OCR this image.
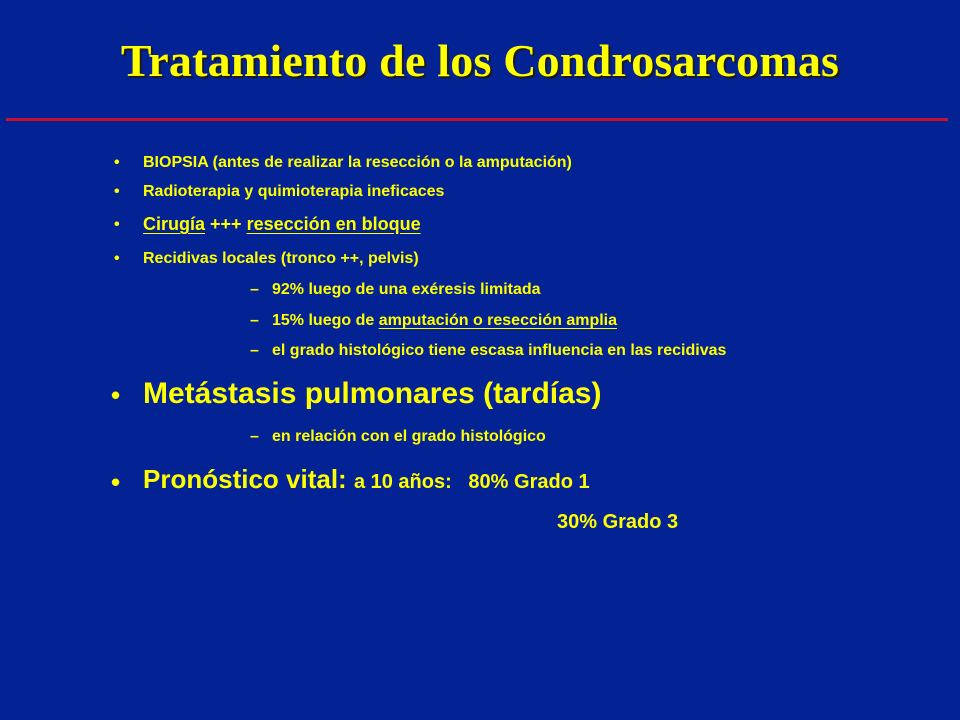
Tratamiento de los Condrosarcomas
• BIOPSIA (antes de realizar la resección o la amputación)
• Radioterapia y quimioterapia ineficaces
• Cirugía +++ resección en bloque
• Recidivas locales (tronco ++, pelvis)
– 92% luego de una exéresis limitada
– 15% luego de amputación o resección amplia
– el grado histológico tiene escasa influencia en las recidivas
• Metástasis pulmonares (tardías)
– en relación con el grado histológico
• Pronóstico vital: a 10 años:   80% Grado 1
30% Grado 3
